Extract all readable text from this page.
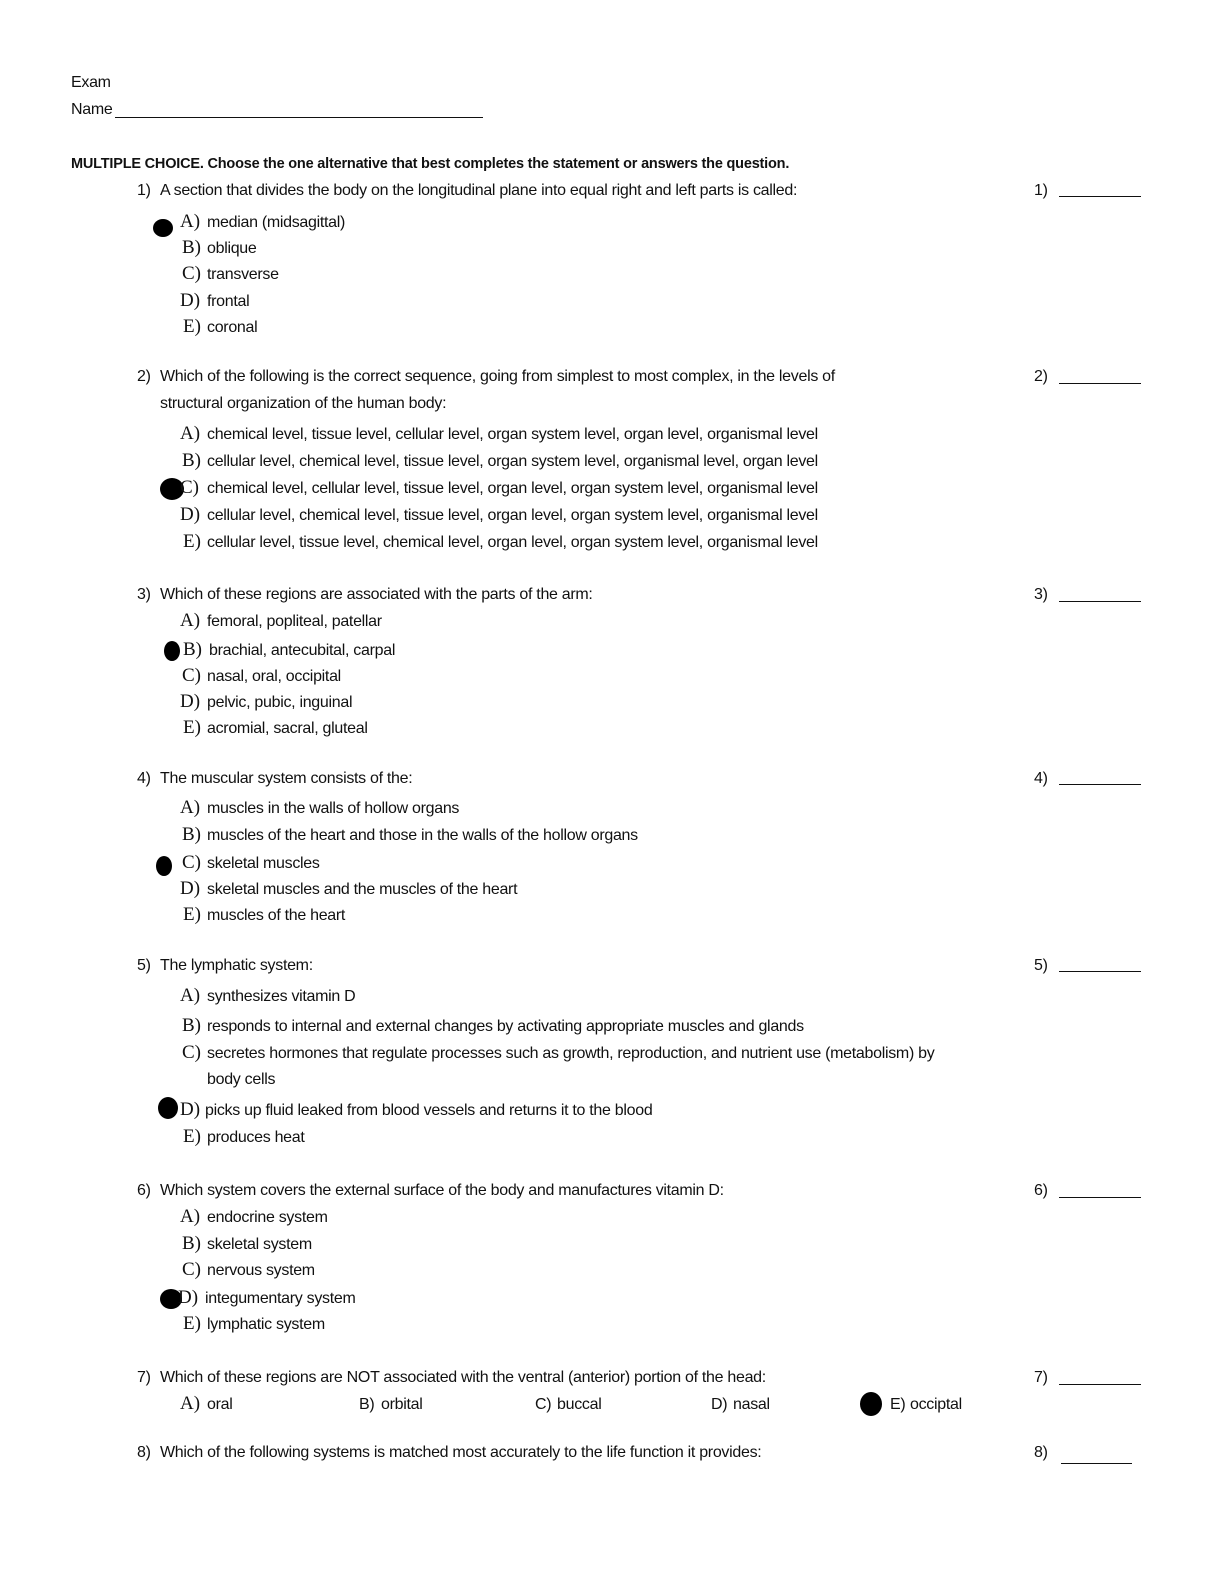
Exam
Name
MULTIPLE CHOICE. Choose the one alternative that best completes the statement or answers the question.
1) A section that divides the body on the longitudinal plane into equal right and left parts is called:	1)
A) median (midsagittal)
B) oblique
C) transverse
D) frontal
E) coronal
2) Which of the following is the correct sequence, going from simplest to most complex, in the levels of
structural organization of the human body:
2)
A) chemical level, tissue level, cellular level, organ system level, organ level, organismal level
B) cellular level, chemical level, tissue level, organ system level, organismal level, organ level
C) chemical level, cellular level, tissue level, organ level, organ system level, organismal level
D) cellular level, chemical level, tissue level, organ level, organ system level, organismal level
E) cellular level, tissue level, chemical level, organ level, organ system level, organismal level
3) Which of these regions are associated with the parts of the arm:	3)
A) femoral, popliteal, patellar
B) brachial, antecubital, carpal
C) nasal, oral, occipital
D) pelvic, pubic, inguinal
E) acromial, sacral, gluteal
4) The muscular system consists of the:	4)
A) muscles in the walls of hollow organs
B) muscles of the heart and those in the walls of the hollow organs
C) skeletal muscles
D) skeletal muscles and the muscles of the heart
E) muscles of the heart
5) The lymphatic system:	5)
A) synthesizes vitamin D
B) responds to internal and external changes by activating appropriate muscles and glands
C) secretes hormones that regulate processes such as growth, reproduction, and nutrient use (metabolism) by
body cells
D) picks up fluid leaked from blood vessels and returns it to the blood
E) produces heat
6) Which system covers the external surface of the body and manufactures vitamin D:	6)
A) endocrine system
B) skeletal system
C) nervous system
D) integumentary system
E) lymphatic system
7) Which of these regions are NOT associated with the ventral (anterior) portion of the head:	7)
A) oral	B) orbital	C) buccal	D) nasal	E) occiptal
8) Which of the following systems is matched most accurately to the life function it provides:	8)
